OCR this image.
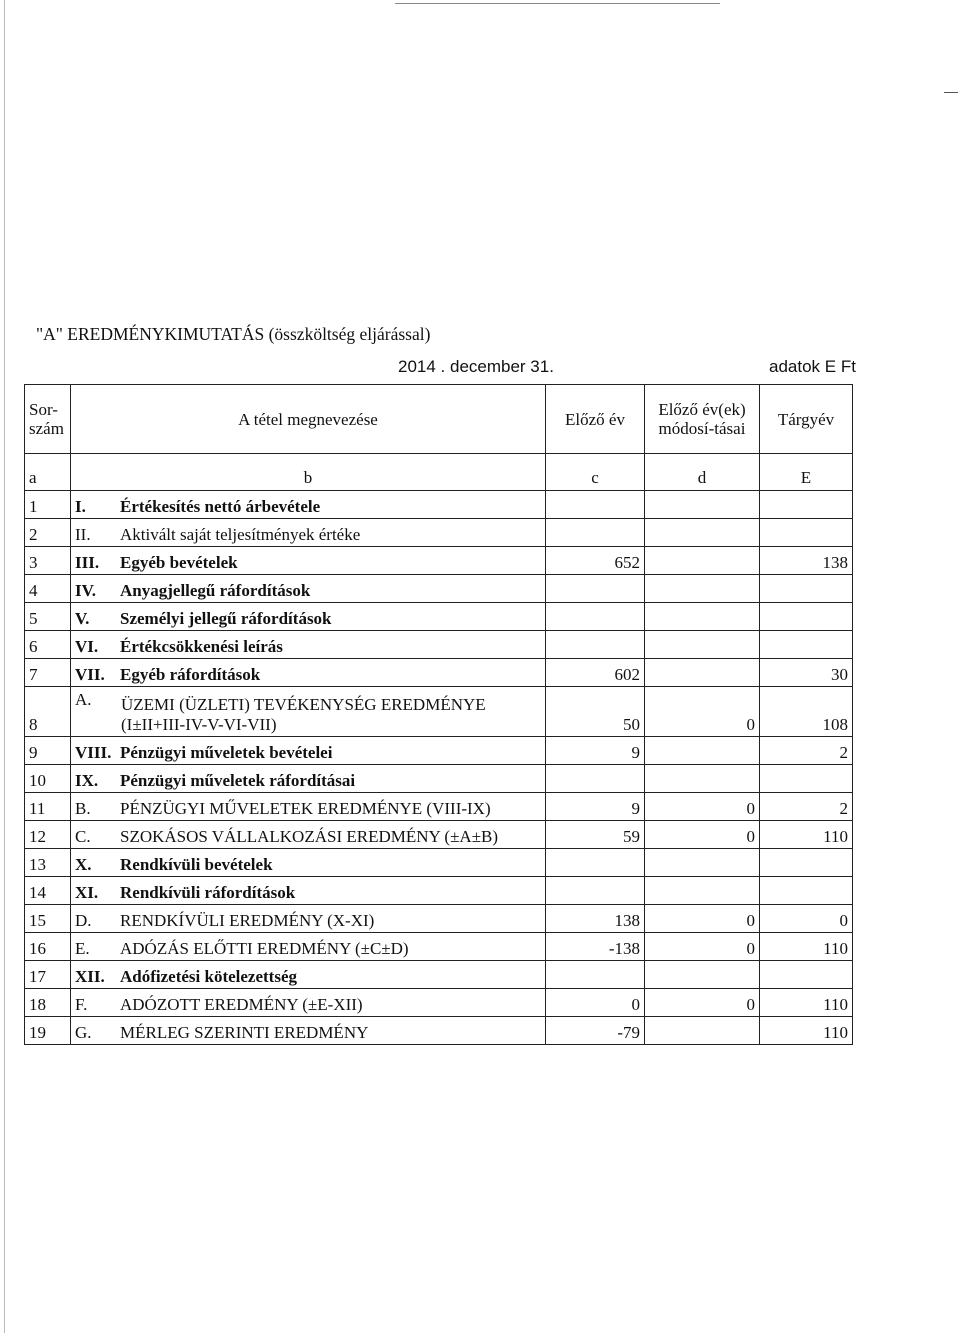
"A" EREDMÉNYKIMUTATÁS (összköltség eljárással)
2014 . december 31.	adatok E Ft
Sor-szám	A tétel megnevezése	Előző év	Előző év(ek) módosí-tásai	Tárgyév
a	b	c	d	E
1	I. Értékesítés nettó árbevétele			
2	II. Aktivált saját teljesítmények értéke			
3	III. Egyéb bevételek	652		138
4	IV. Anyagjellegű ráfordítások			
5	V. Személyi jellegű ráfordítások			
6	VI. Értékcsökkenési leírás			
7	VII. Egyéb ráfordítások	602		30
8	A. ÜZEMI (ÜZLETI) TEVÉKENYSÉG EREDMÉNYE
(I±II+III-IV-V-VI-VII)	50	0	108
9	VIII. Pénzügyi műveletek bevételei	9		2
10	IX. Pénzügyi műveletek ráfordításai			
11	B. PÉNZÜGYI MŰVELETEK EREDMÉNYE (VIII-IX)	9	0	2
12	C. SZOKÁSOS VÁLLALKOZÁSI EREDMÉNY (±A±B)	59	0	110
13	X. Rendkívüli bevételek			
14	XI. Rendkívüli ráfordítások			
15	D. RENDKÍVÜLI EREDMÉNY (X-XI)	138	0	0
16	E. ADÓZÁS ELŐTTI EREDMÉNY (±C±D)	-138	0	110
17	XII. Adófizetési kötelezettség			
18	F. ADÓZOTT EREDMÉNY (±E-XII)	0	0	110
19	G. MÉRLEG SZERINTI EREDMÉNY	-79		110
